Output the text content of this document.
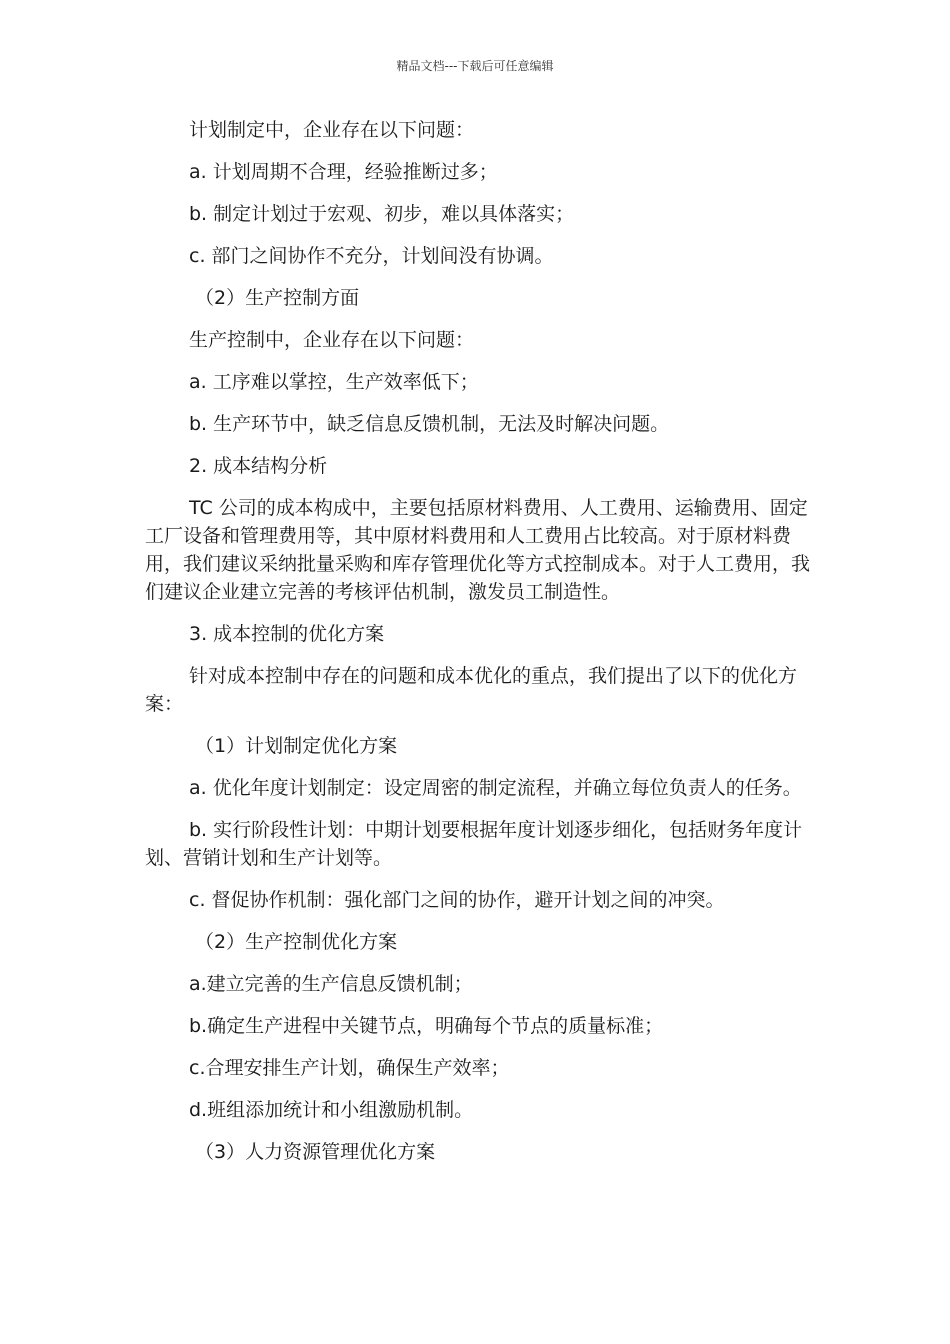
精品文档---下载后可任意编辑

计划制定中，企业存在以下问题：

a. 计划周期不合理，经验推断过多；

b. 制定计划过于宏观、初步，难以具体落实；

c. 部门之间协作不充分，计划间没有协调。

（2）生产控制方面

生产控制中，企业存在以下问题：

a. 工序难以掌控，生产效率低下；

b. 生产环节中，缺乏信息反馈机制，无法及时解决问题。

2. 成本结构分析

TC 公司的成本构成中，主要包括原材料费用、人工费用、运输费用、固定工厂设备和管理费用等，其中原材料费用和人工费用占比较高。对于原材料费用，我们建议采纳批量采购和库存管理优化等方式控制成本。对于人工费用，我们建议企业建立完善的考核评估机制，激发员工制造性。

3. 成本控制的优化方案

针对成本控制中存在的问题和成本优化的重点，我们提出了以下的优化方案：

（1）计划制定优化方案

a. 优化年度计划制定：设定周密的制定流程，并确立每位负责人的任务。

b. 实行阶段性计划：中期计划要根据年度计划逐步细化，包括财务年度计划、营销计划和生产计划等。

c. 督促协作机制：强化部门之间的协作，避开计划之间的冲突。

（2）生产控制优化方案

a.建立完善的生产信息反馈机制；

b.确定生产进程中关键节点，明确每个节点的质量标准；

c.合理安排生产计划，确保生产效率；

d.班组添加统计和小组激励机制。

（3）人力资源管理优化方案
